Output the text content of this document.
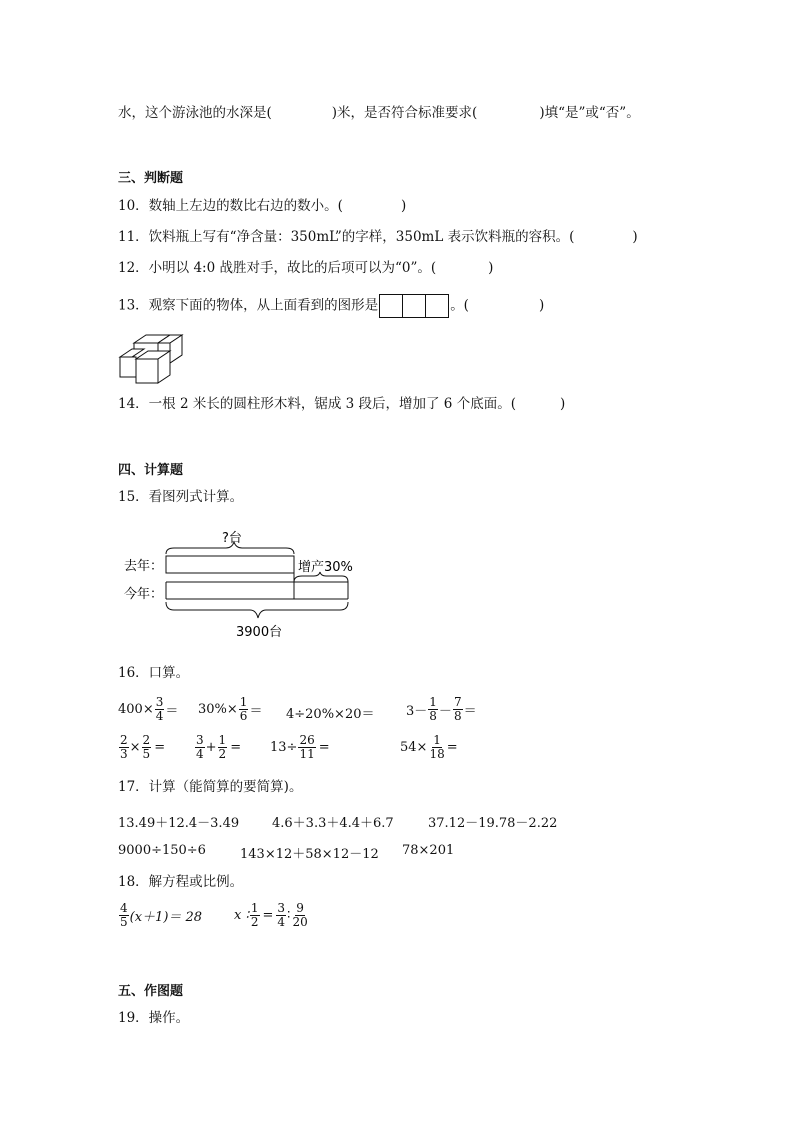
水，这个游泳池的水深是(	)米，是否符合标准要求(	)填“是”或“否”。
三、判断题
10．数轴上左边的数比右边的数小。(	)
11．饮料瓶上写有“净含量：350mL”的字样，350mL 表示饮料瓶的容积。(	)
12．小明以 4:0 战胜对手，故比的后项可以为“0”。(	)
13．观察下面的物体，从上面看到的图形是	。(	)
14．一根 2 米长的圆柱形木料，锯成 3 段后，增加了 6 个底面。(	)
四、计算题
15．看图列式计算。
?台
去年：	增产30%
今年：
3900台
16．口算。
$400\times \frac{3}{4} = 30\%\times \frac{1}{6} = 4\div 20\%\times 20= 3- \frac{1}{8} - \frac{7}{8}$ ＝
$\frac{2}{3} \times \frac{2}{5} = \frac{3}{4} + \frac{1}{2} = 13\div \frac{26}{11}$ =	$54\times \frac{1}{18}$ =
17．计算（能简算的要简算)。
13.49＋12.4－3.49	4.6＋3.3＋4.4＋6.7	37.12－19.78－2.22
9000÷150÷6	143×12＋58×12－12 78×201
18．解方程或比例。
$\frac{4}{5} (x+1)= 28$ x ∶ $\frac{1}{2} = \frac{3}{4}$ ∶ $\frac{9}{20}$
五、作图题
19．操作。
